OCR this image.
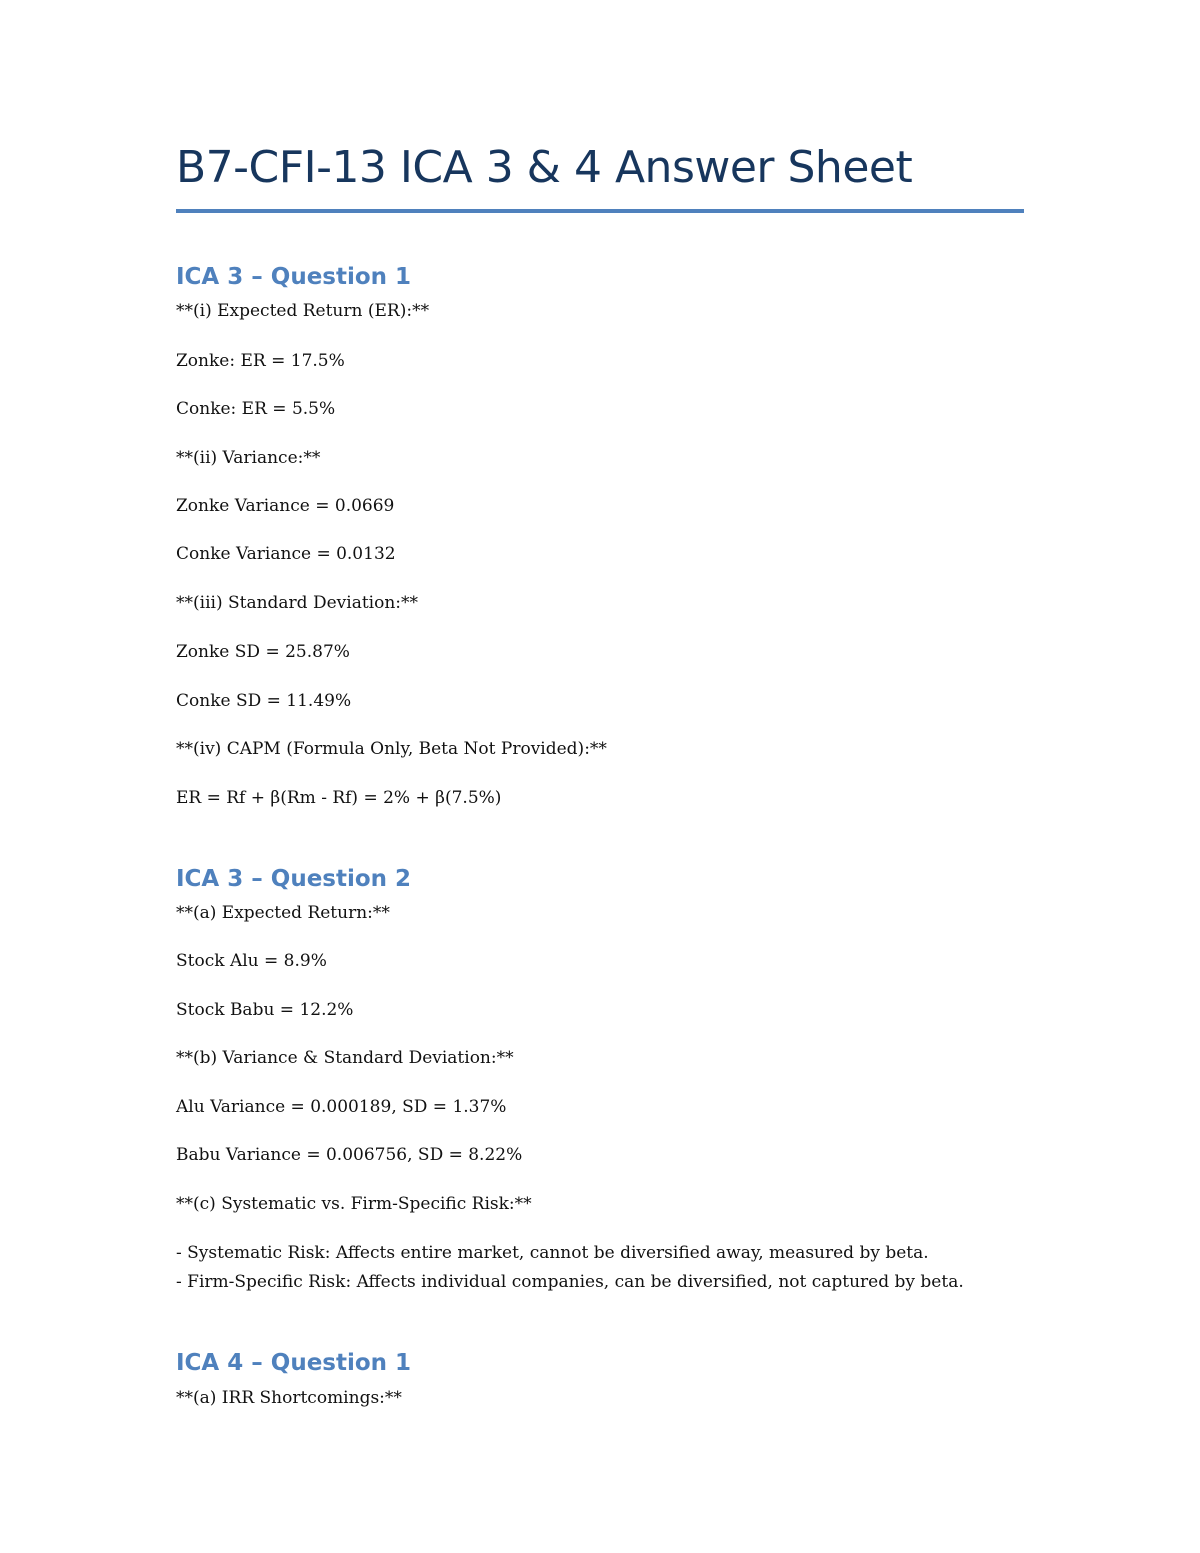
B7-CFI-13 ICA 3 & 4 Answer Sheet
ICA 3 – Question 1
**(i) Expected Return (ER):**
Zonke: ER = 17.5%
Conke: ER = 5.5%
**(ii) Variance:**
Zonke Variance = 0.0669
Conke Variance = 0.0132
**(iii) Standard Deviation:**
Zonke SD = 25.87%
Conke SD = 11.49%
**(iv) CAPM (Formula Only, Beta Not Provided):**
ER = Rf + β(Rm - Rf) = 2% + β(7.5%)
ICA 3 – Question 2
**(a) Expected Return:**
Stock Alu = 8.9%
Stock Babu = 12.2%
**(b) Variance & Standard Deviation:**
Alu Variance = 0.000189, SD = 1.37%
Babu Variance = 0.006756, SD = 8.22%
**(c) Systematic vs. Firm-Specific Risk:**
- Systematic Risk: Affects entire market, cannot be diversified away, measured by beta.
- Firm-Specific Risk: Affects individual companies, can be diversified, not captured by beta.
ICA 4 – Question 1
**(a) IRR Shortcomings:**
